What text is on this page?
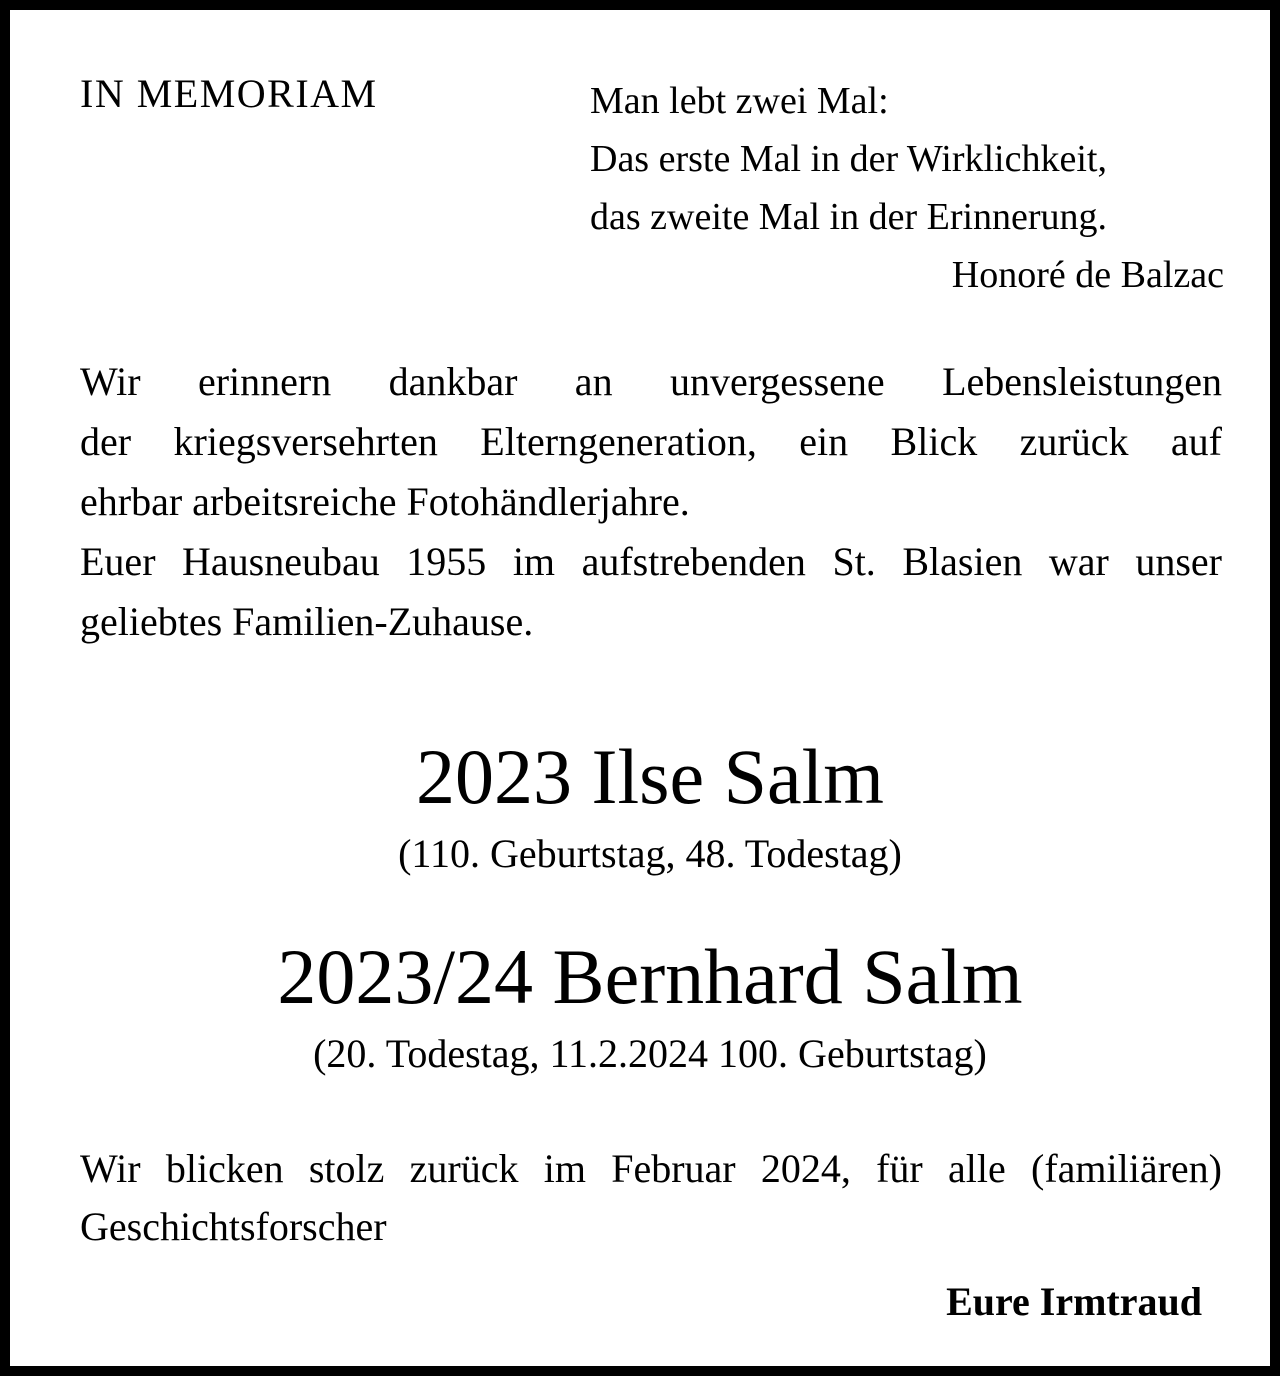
IN MEMORIAM	Man lebt zwei Mal:
Das erste Mal in der Wirklichkeit,
das zweite Mal in der Erinnerung.
Honoré de Balzac
Wir erinnern dankbar an unvergessene Lebensleistungen
der kriegsversehrten Elterngeneration, ein Blick zurück auf
ehrbar arbeitsreiche Fotohändlerjahre.
Euer Hausneubau 1955 im aufstrebenden St. Blasien war unser
geliebtes Familien-Zuhause.
2023 Ilse Salm
(110. Geburtstag, 48. Todestag)
2023/24 Bernhard Salm
(20. Todestag, 11.2.2024 100. Geburtstag)
Wir blicken stolz zurück im Februar 2024, für alle (familiären)
Geschichtsforscher
Eure Irmtraud
